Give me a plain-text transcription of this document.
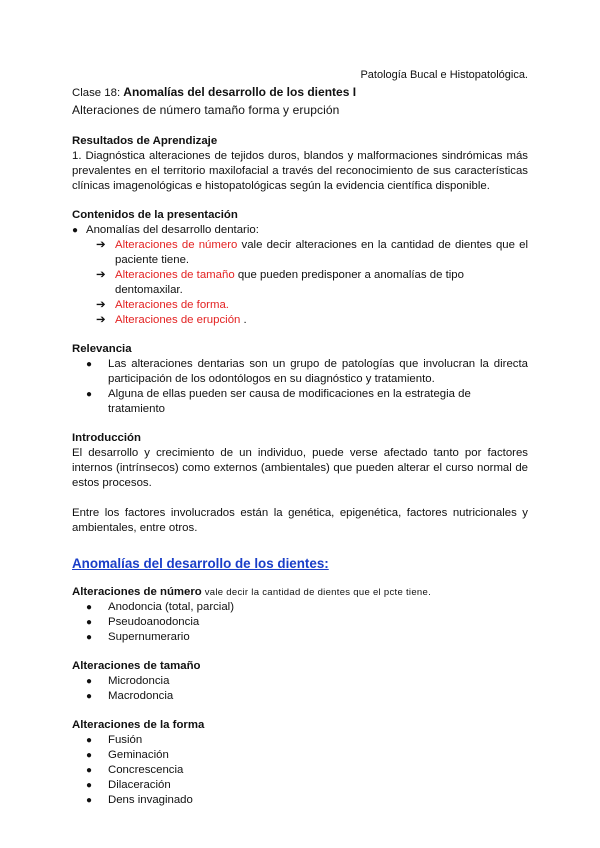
Patología Bucal e Histopatológica.
Clase 18: Anomalías del desarrollo de los dientes I
Alteraciones de número tamaño forma y erupción
Resultados de Aprendizaje
1. Diagnóstica alteraciones de tejidos duros, blandos y malformaciones sindrómicas más prevalentes en el territorio maxilofacial a través del reconocimiento de sus características clínicas imagenológicas e histopatológicas según la evidencia científica disponible.
Contenidos de la presentación
● Anomalías del desarrollo dentario:
➔ Alteraciones de número vale decir alteraciones en la cantidad de dientes que el paciente tiene.
➔ Alteraciones de tamaño que pueden predisponer a anomalías de tipo dentomaxilar.
➔ Alteraciones de forma.
➔ Alteraciones de erupción .
Relevancia
● Las alteraciones dentarias son un grupo de patologías que involucran la directa participación de los odontólogos en su diagnóstico y tratamiento.
● Alguna de ellas pueden ser causa de modificaciones en la estrategia de tratamiento
Introducción
El desarrollo y crecimiento de un individuo, puede verse afectado tanto por factores internos (intrínsecos) como externos (ambientales) que pueden alterar el curso normal de estos procesos.
Entre los factores involucrados están la genética, epigenética, factores nutricionales y ambientales, entre otros.
Anomalías del desarrollo de los dientes:
Alteraciones de número vale decir la cantidad de dientes que el pcte tiene.
● Anodoncia (total, parcial)
● Pseudoanodoncia
● Supernumerario
Alteraciones de tamaño
● Microdoncia
● Macrodoncia
Alteraciones de la forma
● Fusión
● Geminación
● Concrescencia
● Dilaceración
● Dens invaginado
